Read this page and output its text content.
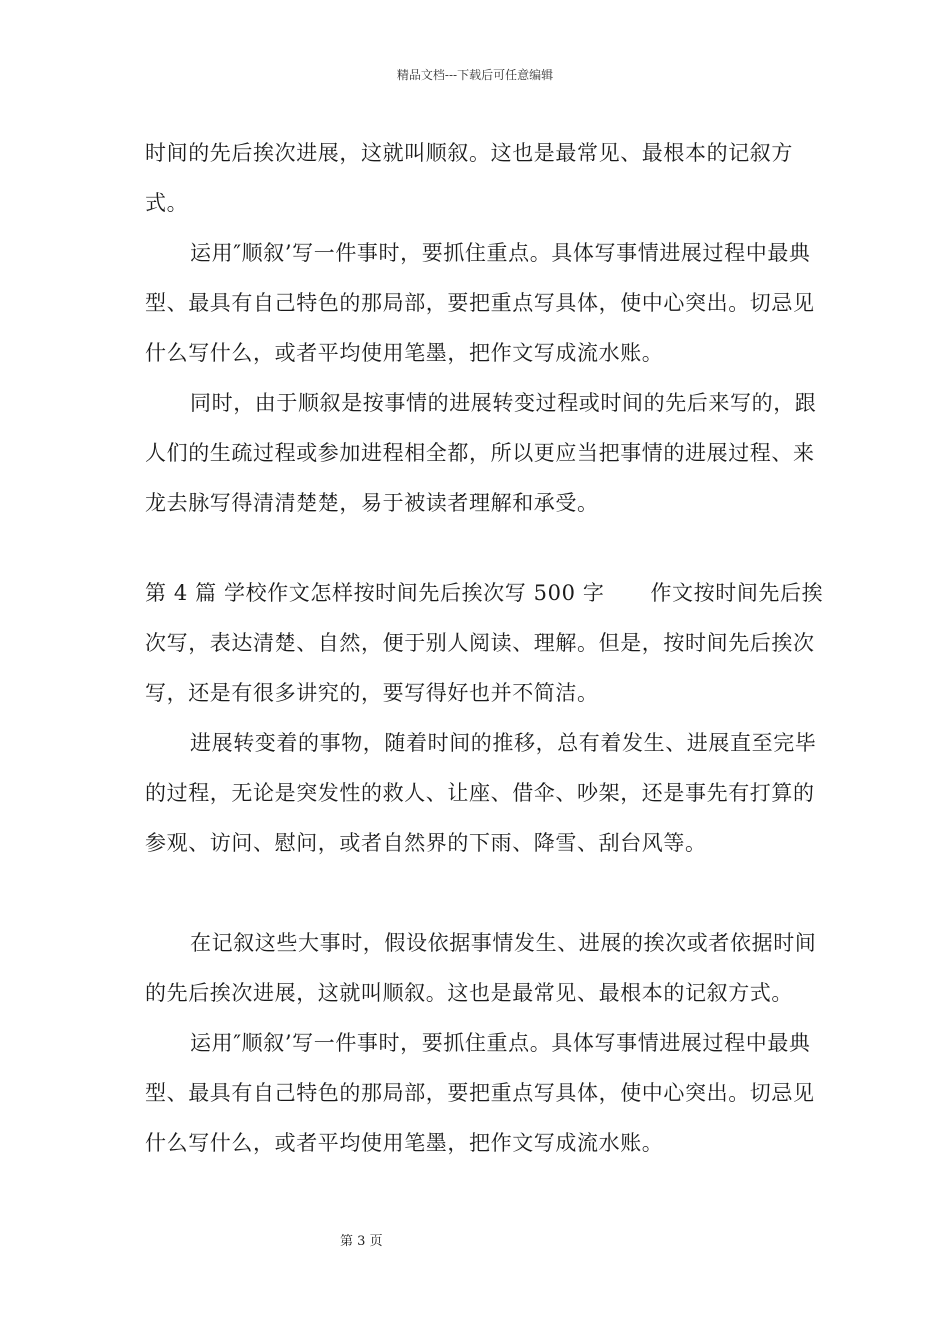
精品文档---下载后可任意编辑

时间的先后挨次进展，这就叫顺叙。这也是最常见、最根本的记叙方式。

运用″顺叙’写一件事时，要抓住重点。具体写事情进展过程中最典型、最具有自己特色的那局部，要把重点写具体，使中心突出。切忌见什么写什么，或者平均使用笔墨，把作文写成流水账。

同时，由于顺叙是按事情的进展转变过程或时间的先后来写的，跟人们的生疏过程或参加进程相全都，所以更应当把事情的进展过程、来龙去脉写得清清楚楚，易于被读者理解和承受。

第 4 篇 学校作文怎样按时间先后挨次写 500 字 作文按时间先后挨次写，表达清楚、自然，便于别人阅读、理解。但是，按时间先后挨次写，还是有很多讲究的，要写得好也并不简洁。

进展转变着的事物，随着时间的推移，总有着发生、进展直至完毕的过程，无论是突发性的救人、让座、借伞、吵架，还是事先有打算的参观、访问、慰问，或者自然界的下雨、降雪、刮台风等。

在记叙这些大事时，假设依据事情发生、进展的挨次或者依据时间的先后挨次进展，这就叫顺叙。这也是最常见、最根本的记叙方式。

运用″顺叙’写一件事时，要抓住重点。具体写事情进展过程中最典型、最具有自己特色的那局部，要把重点写具体，使中心突出。切忌见什么写什么，或者平均使用笔墨，把作文写成流水账。

第 3 页
